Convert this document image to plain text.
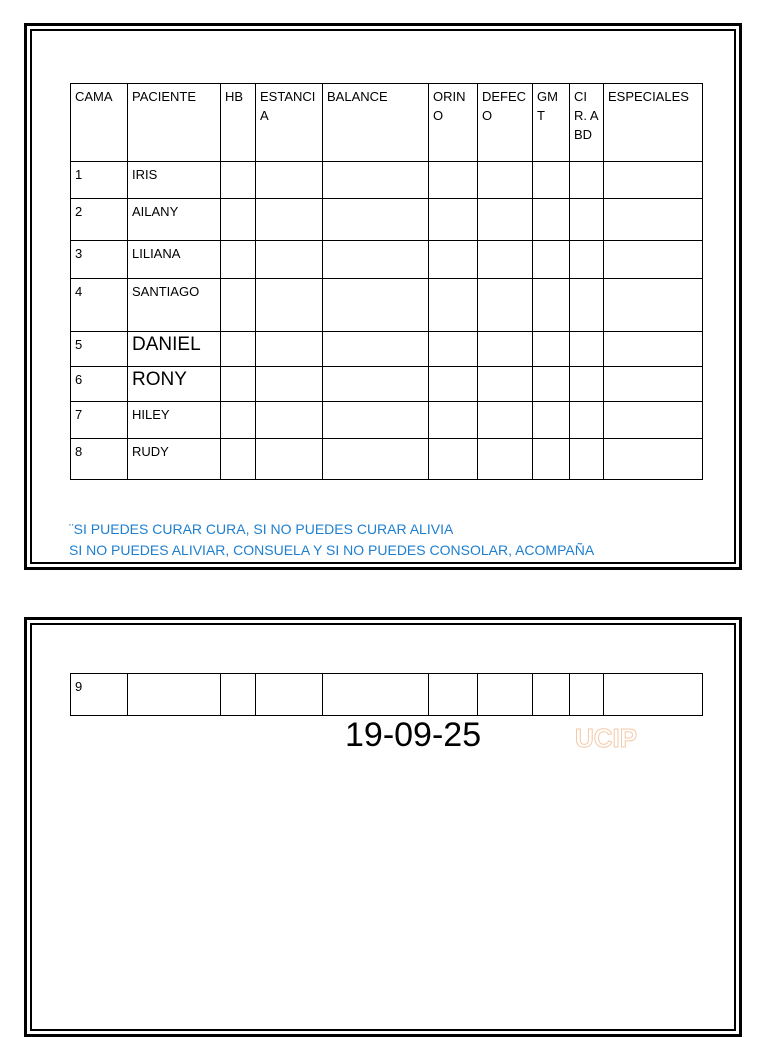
CAMA	PACIENTE	HB	ESTANCIA	BALANCE	ORINO	DEFECO	GMT	CIR. ABD	ESPECIALES
1	IRIS								
2	AILANY								
3	LILIANA								
4	SANTIAGO								
5	DANIEL								
6	RONY								
7	HILEY								
8	RUDY								
¨SI PUEDES CURAR CURA, SI NO PUEDES CURAR ALIVIA
SI NO PUEDES ALIVIAR, CONSUELA Y SI NO PUEDES CONSOLAR, ACOMPAÑA
9									
19-09-25	UCIP
